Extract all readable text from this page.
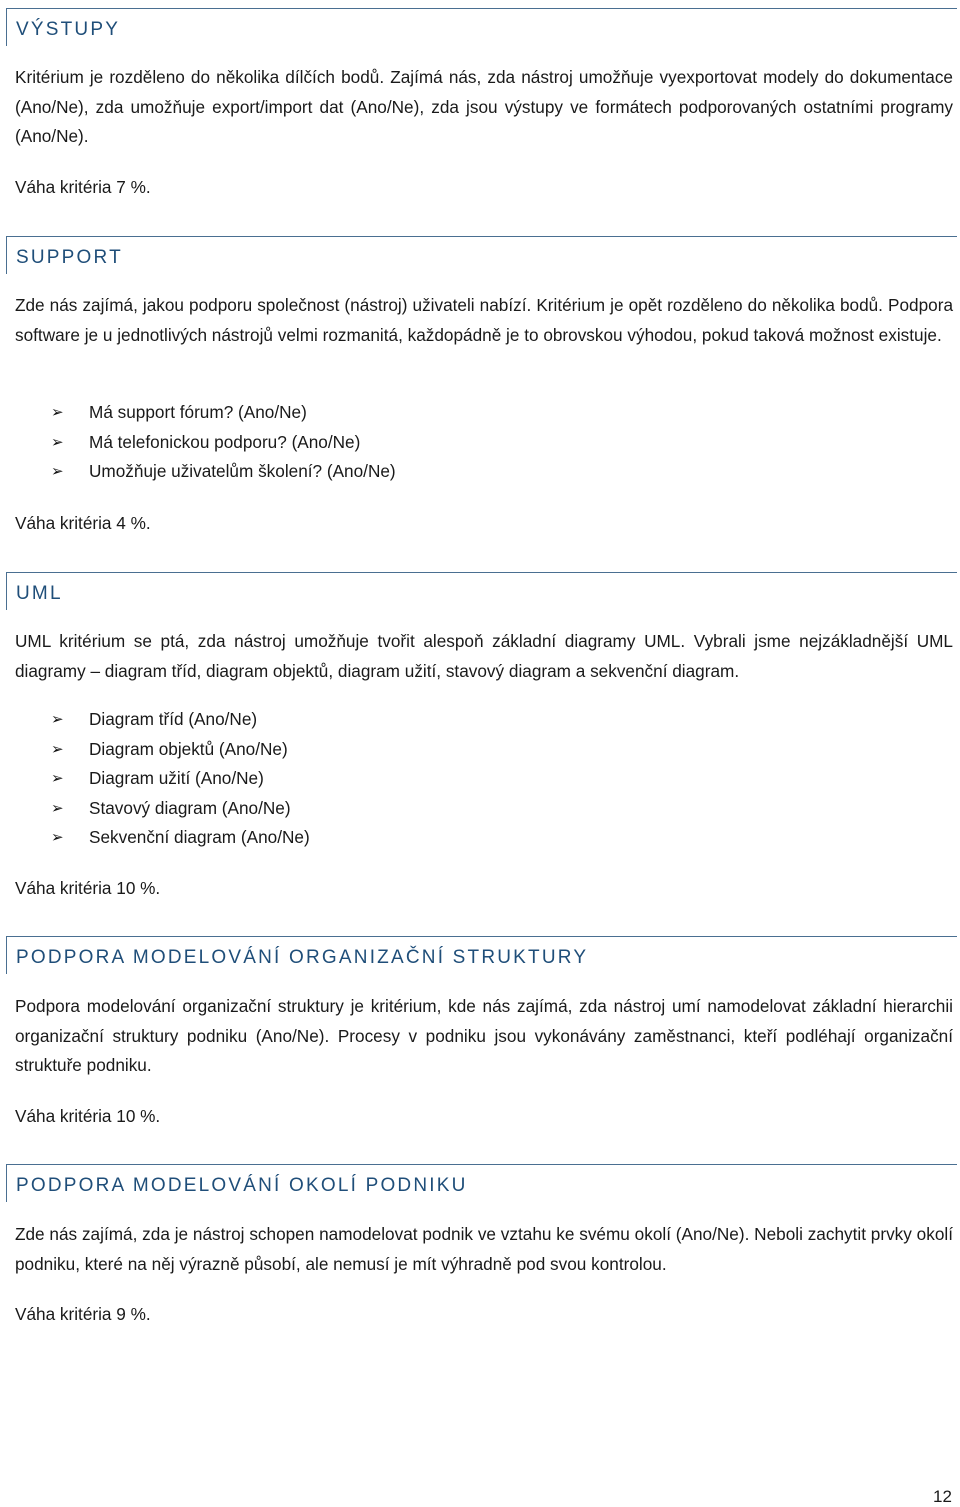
VÝSTUPY

Kritérium je rozděleno do několika dílčích bodů. Zajímá nás, zda nástroj umožňuje vyexportovat modely do dokumentace (Ano/Ne), zda umožňuje export/import dat (Ano/Ne), zda jsou výstupy ve formátech podporovaných ostatními programy (Ano/Ne).

Váha kritéria 7 %.

SUPPORT

Zde nás zajímá, jakou podporu společnost (nástroj) uživateli nabízí. Kritérium je opět rozděleno do několika bodů. Podpora software je u jednotlivých nástrojů velmi rozmanitá, každopádně je to obrovskou výhodou, pokud taková možnost existuje.

➢ Má support fórum? (Ano/Ne)
➢ Má telefonickou podporu? (Ano/Ne)
➢ Umožňuje uživatelům školení? (Ano/Ne)

Váha kritéria 4 %.

UML

UML kritérium se ptá, zda nástroj umožňuje tvořit alespoň základní diagramy UML. Vybrali jsme nejzákladnější UML diagramy – diagram tříd, diagram objektů, diagram užití, stavový diagram a sekvenční diagram.

➢ Diagram tříd (Ano/Ne)
➢ Diagram objektů (Ano/Ne)
➢ Diagram užití (Ano/Ne)
➢ Stavový diagram (Ano/Ne)
➢ Sekvenční diagram (Ano/Ne)

Váha kritéria 10 %.

PODPORA MODELOVÁNÍ ORGANIZAČNÍ STRUKTURY

Podpora modelování organizační struktury je kritérium, kde nás zajímá, zda nástroj umí namodelovat základní hierarchii organizační struktury podniku (Ano/Ne). Procesy v podniku jsou vykonávány zaměstnanci, kteří podléhají organizační struktuře podniku.

Váha kritéria 10 %.

PODPORA MODELOVÁNÍ OKOLÍ PODNIKU

Zde nás zajímá, zda je nástroj schopen namodelovat podnik ve vztahu ke svému okolí (Ano/Ne). Neboli zachytit prvky okolí podniku, které na něj výrazně působí, ale nemusí je mít výhradně pod svou kontrolou.

Váha kritéria 9 %.

12
